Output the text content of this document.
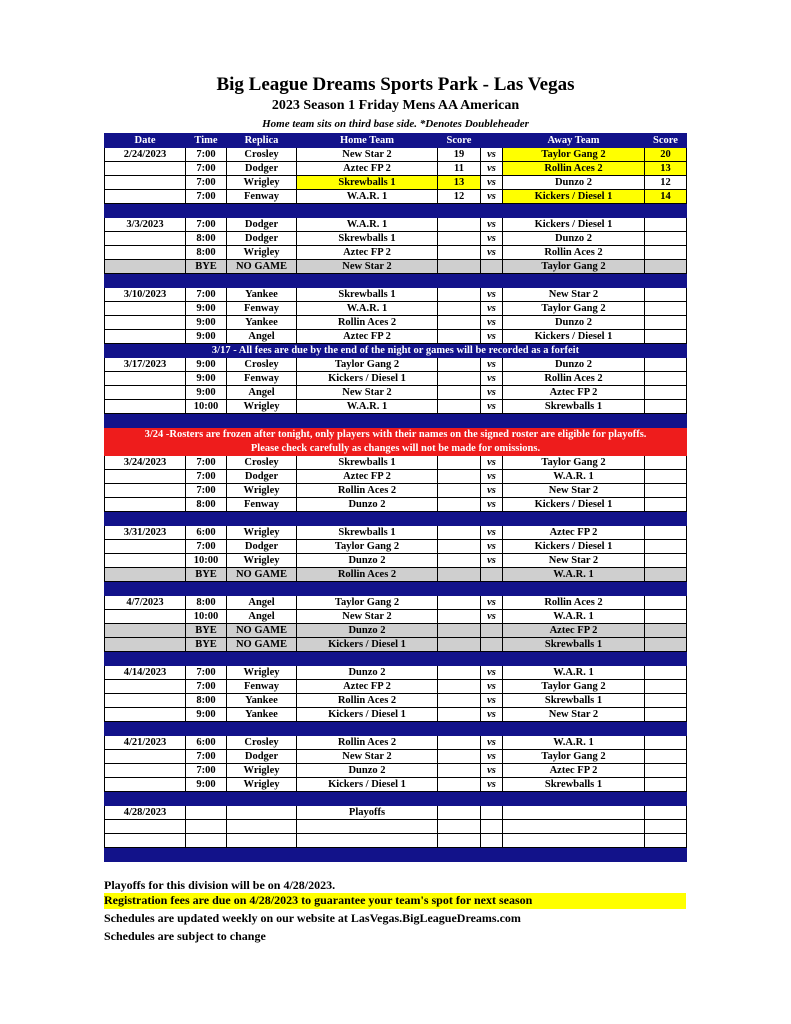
Big League Dreams Sports Park - Las Vegas
2023 Season 1 Friday Mens AA American
Home team sits on third base side. *Denotes Doubleheader
Date	Time	Replica	Home Team	Score		Away Team	Score
2/24/2023	7:00	Crosley	New Star 2	19	vs	Taylor Gang 2	20
	7:00	Dodger	Aztec FP 2	11	vs	Rollin Aces 2	13
	7:00	Wrigley	Skrewballs 1	13	vs	Dunzo 2	12
	7:00	Fenway	W.A.R. 1	12	vs	Kickers / Diesel 1	14

3/3/2023	7:00	Dodger	W.A.R. 1		vs	Kickers / Diesel 1	
	8:00	Dodger	Skrewballs 1		vs	Dunzo 2	
	8:00	Wrigley	Aztec FP 2		vs	Rollin Aces 2	
	BYE	NO GAME	New Star 2			Taylor Gang 2	

3/10/2023	7:00	Yankee	Skrewballs 1		vs	New Star 2	
	9:00	Fenway	W.A.R. 1		vs	Taylor Gang 2	
	9:00	Yankee	Rollin Aces 2		vs	Dunzo 2	
	9:00	Angel	Aztec FP 2		vs	Kickers / Diesel 1	
3/17 - All fees are due by the end of the night or games will be recorded as a forfeit							
3/17/2023	9:00	Crosley	Taylor Gang 2		vs	Dunzo 2	
	9:00	Fenway	Kickers / Diesel 1		vs	Rollin Aces 2	
	9:00	Angel	New Star 2		vs	Aztec FP 2	
	10:00	Wrigley	W.A.R. 1		vs	Skrewballs 1	

3/24 -Rosters are frozen after tonight, only players with their names on the signed roster are eligible for playoffs.							
Please check carefully as changes will not be made for omissions.							
3/24/2023	7:00	Crosley	Skrewballs 1		vs	Taylor Gang 2	
	7:00	Dodger	Aztec FP 2		vs	W.A.R. 1	
	7:00	Wrigley	Rollin Aces 2		vs	New Star 2	
	8:00	Fenway	Dunzo 2		vs	Kickers / Diesel 1	

3/31/2023	6:00	Wrigley	Skrewballs 1		vs	Aztec FP 2	
	7:00	Dodger	Taylor Gang 2		vs	Kickers / Diesel 1	
	10:00	Wrigley	Dunzo 2		vs	New Star 2	
	BYE	NO GAME	Rollin Aces 2			W.A.R. 1	

4/7/2023	8:00	Angel	Taylor Gang 2		vs	Rollin Aces 2	
	10:00	Angel	New Star 2		vs	W.A.R. 1	
	BYE	NO GAME	Dunzo 2			Aztec FP 2	
	BYE	NO GAME	Kickers / Diesel 1			Skrewballs 1	

4/14/2023	7:00	Wrigley	Dunzo 2		vs	W.A.R. 1	
	7:00	Fenway	Aztec FP 2		vs	Taylor Gang 2	
	8:00	Yankee	Rollin Aces 2		vs	Skrewballs 1	
	9:00	Yankee	Kickers / Diesel 1		vs	New Star 2	

4/21/2023	6:00	Crosley	Rollin Aces 2		vs	W.A.R. 1	
	7:00	Dodger	New Star 2		vs	Taylor Gang 2	
	7:00	Wrigley	Dunzo 2		vs	Aztec FP 2	
	9:00	Wrigley	Kickers / Diesel 1		vs	Skrewballs 1	

4/28/2023			Playoffs				

Playoffs for this division will be on 4/28/2023.
Registration fees are due on 4/28/2023 to guarantee your team's spot for next season
Schedules are updated weekly on our website at LasVegas.BigLeagueDreams.com
Schedules are subject to change
